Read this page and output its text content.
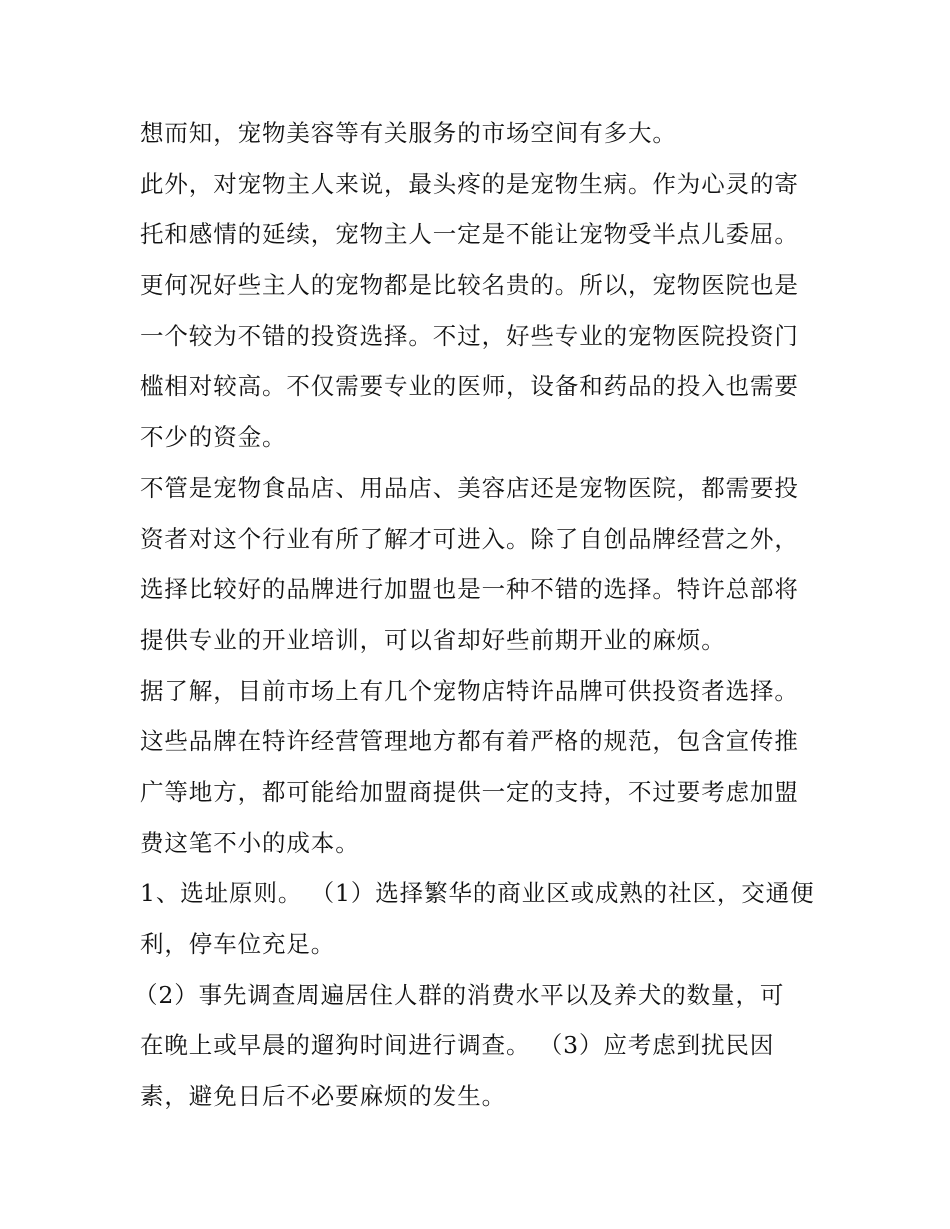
想而知，宠物美容等有关服务的市场空间有多大。
此外，对宠物主人来说，最头疼的是宠物生病。作为心灵的寄
托和感情的延续，宠物主人一定是不能让宠物受半点儿委屈。
更何况好些主人的宠物都是比较名贵的。所以，宠物医院也是
一个较为不错的投资选择。不过，好些专业的宠物医院投资门
槛相对较高。不仅需要专业的医师，设备和药品的投入也需要
不少的资金。
不管是宠物食品店、用品店、美容店还是宠物医院，都需要投
资者对这个行业有所了解才可进入。除了自创品牌经营之外，
选择比较好的品牌进行加盟也是一种不错的选择。特许总部将
提供专业的开业培训，可以省却好些前期开业的麻烦。
据了解，目前市场上有几个宠物店特许品牌可供投资者选择。
这些品牌在特许经营管理地方都有着严格的规范，包含宣传推
广等地方，都可能给加盟商提供一定的支持，不过要考虑加盟
费这笔不小的成本。
1、选址原则。 （1）选择繁华的商业区或成熟的社区，交通便
利，停车位充足。
（2）事先调查周遍居住人群的消费水平以及养犬的数量，可
在晚上或早晨的遛狗时间进行调查。 （3）应考虑到扰民因
素，避免日后不必要麻烦的发生。
